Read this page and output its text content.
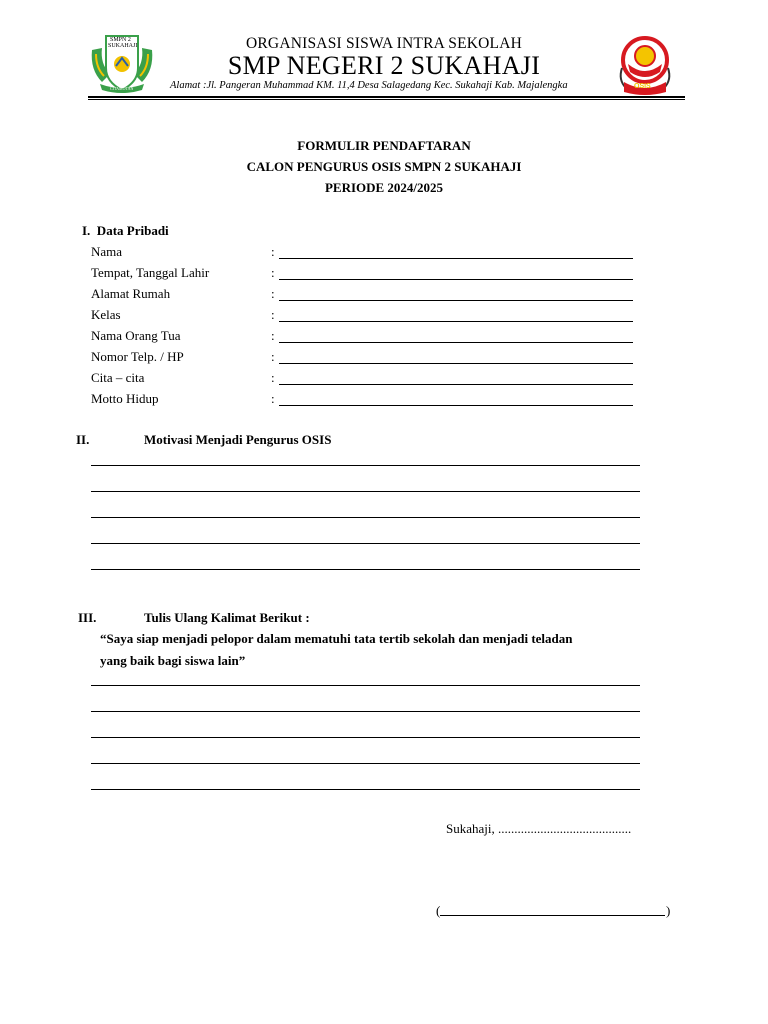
SMPN 2
SUKAHAJI
CITAMOTAN
ORGANISASI SISWA INTRA SEKOLAH
SMP NEGERI 2 SUKAHAJI
Alamat :Jl. Pangeran Muhammad KM. 11,4 Desa Salagedang Kec. Sukahaji Kab. Majalengka	OSIS
FORMULIR PENDAFTARAN
CALON PENGURUS OSIS SMPN 2 SUKAHAJI
PERIODE 2024/2025
I.  Data Pribadi
Nama	:
Tempat, Tanggal Lahir	:
Alamat Rumah	:
Kelas	:
Nama Orang Tua	:
Nomor Telp. / HP	:
Cita – cita	:
Motto Hidup	:
II.	Motivasi Menjadi Pengurus OSIS
III.	Tulis Ulang Kalimat Berikut :
“Saya siap menjadi pelopor dalam mematuhi tata tertib sekolah dan menjadi teladan
yang baik bagi siswa lain”
Sukahaji, .........................................
(	)
